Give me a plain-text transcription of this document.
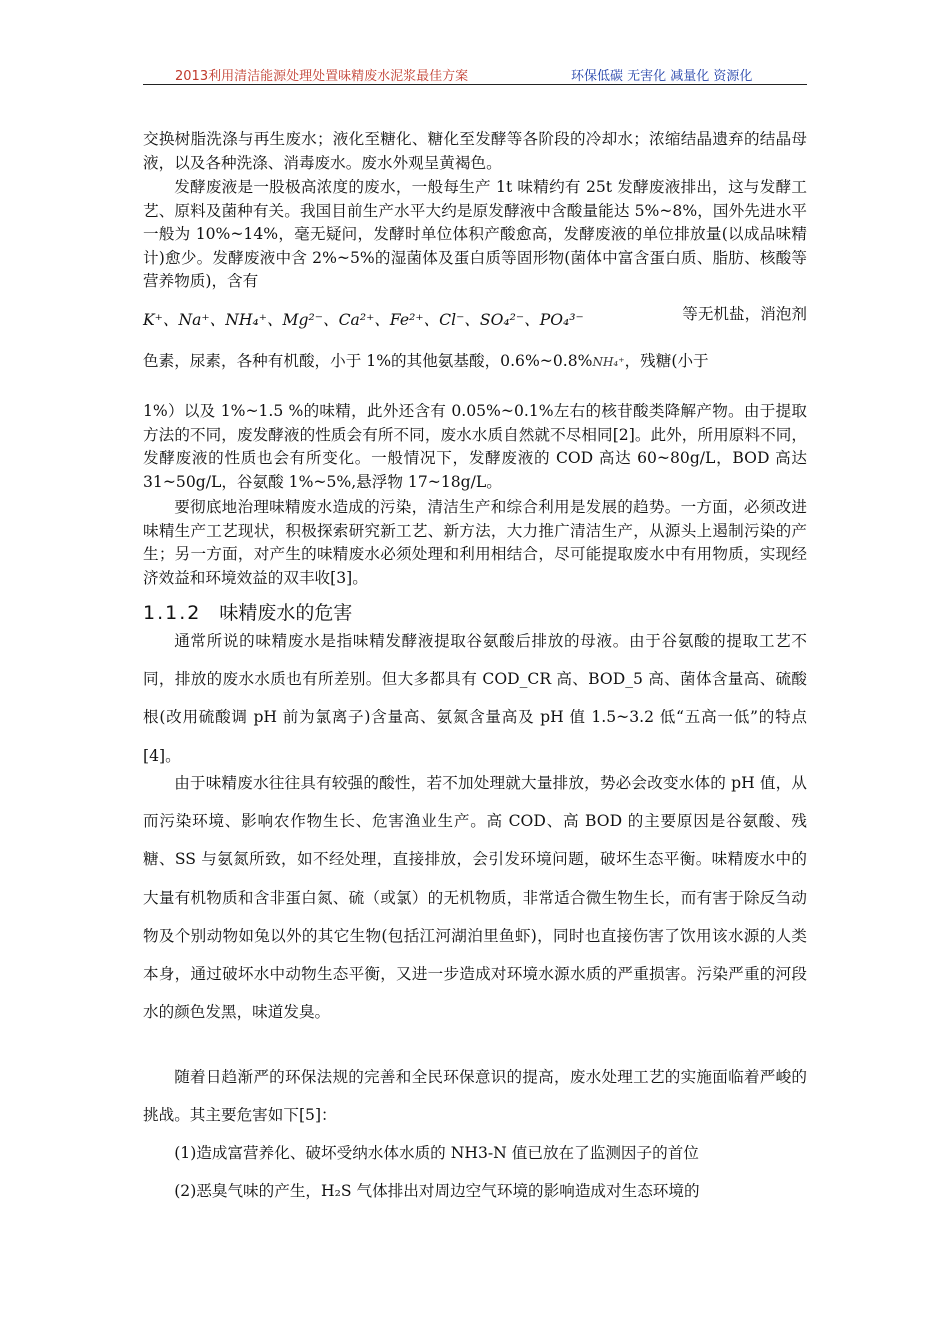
2013利用清洁能源处理处置味精废水泥浆最佳方案	环保低碳 无害化 减量化 资源化

交换树脂洗涤与再生废水；液化至糖化、糖化至发酵等各阶段的冷却水；浓缩结晶遗弃的结晶母液，以及各种洗涤、消毒废水。废水外观呈黄褐色。

发酵废液是一股极高浓度的废水，一般每生产 1t 味精约有 25t 发酵废液排出，这与发酵工艺、原料及菌种有关。我国目前生产水平大约是原发酵液中含酸量能达 5%~8%，国外先进水平一般为 10%~14%，毫无疑问，发酵时单位体积产酸愈高，发酵废液的单位排放量(以成品味精计)愈少。发酵废液中含 2%~5%的湿菌体及蛋白质等固形物(菌体中富含蛋白质、脂肪、核酸等营养物质)，含有

K⁺、Na⁺、NH₄⁺、Mg²⁻、Ca²⁺、Fe²⁺、Cl⁻、SO₄²⁻、PO₄³⁻	等无机盐，消泡剂

色素，尿素，各种有机酸，小于 1%的其他氨基酸，0.6%~0.8%NH₄⁺，残糖(小于

1%）以及 1%~1.5 %的味精，此外还含有 0.05%~0.1%左右的核苷酸类降解产物。由于提取方法的不同，废发酵液的性质会有所不同，废水水质自然就不尽相同[2]。此外，所用原料不同，发酵废液的性质也会有所变化。一般情况下，发酵废液的 COD 高达 60~80g/L，BOD 高达 31~50g/L，谷氨酸 1%~5%,悬浮物 17~18g/L。

要彻底地治理味精废水造成的污染，清洁生产和综合利用是发展的趋势。一方面，必须改进味精生产工艺现状，积极探索研究新工艺、新方法，大力推广清洁生产，从源头上遏制污染的产生；另一方面，对产生的味精废水必须处理和利用相结合，尽可能提取废水中有用物质，实现经济效益和环境效益的双丰收[3]。

1.1.2 味精废水的危害

通常所说的味精废水是指味精发酵液提取谷氨酸后排放的母液。由于谷氨酸的提取工艺不同，排放的废水水质也有所差别。但大多都具有 COD_CR 高、BOD_5 高、菌体含量高、硫酸根(改用硫酸调 pH 前为氯离子)含量高、氨氮含量高及 pH 值 1.5~3.2 低“五高一低”的特点[4]。

由于味精废水往往具有较强的酸性，若不加处理就大量排放，势必会改变水体的 pH 值，从而污染环境、影响农作物生长、危害渔业生产。高 COD、高 BOD 的主要原因是谷氨酸、残糖、SS 与氨氮所致，如不经处理，直接排放，会引发环境问题，破坏生态平衡。味精废水中的大量有机物质和含非蛋白氮、硫（或氯）的无机物质，非常适合微生物生长，而有害于除反刍动物及个别动物如兔以外的其它生物(包括江河湖泊里鱼虾)，同时也直接伤害了饮用该水源的人类本身，通过破坏水中动物生态平衡，又进一步造成对环境水源水质的严重损害。污染严重的河段水的颜色发黑，味道发臭。

随着日趋渐严的环保法规的完善和全民环保意识的提高，废水处理工艺的实施面临着严峻的挑战。其主要危害如下[5]：

(1)造成富营养化、破坏受纳水体水质的 NH3-N 值已放在了监测因子的首位

(2)恶臭气味的产生，H₂S 气体排出对周边空气环境的影响造成对生态环境的
